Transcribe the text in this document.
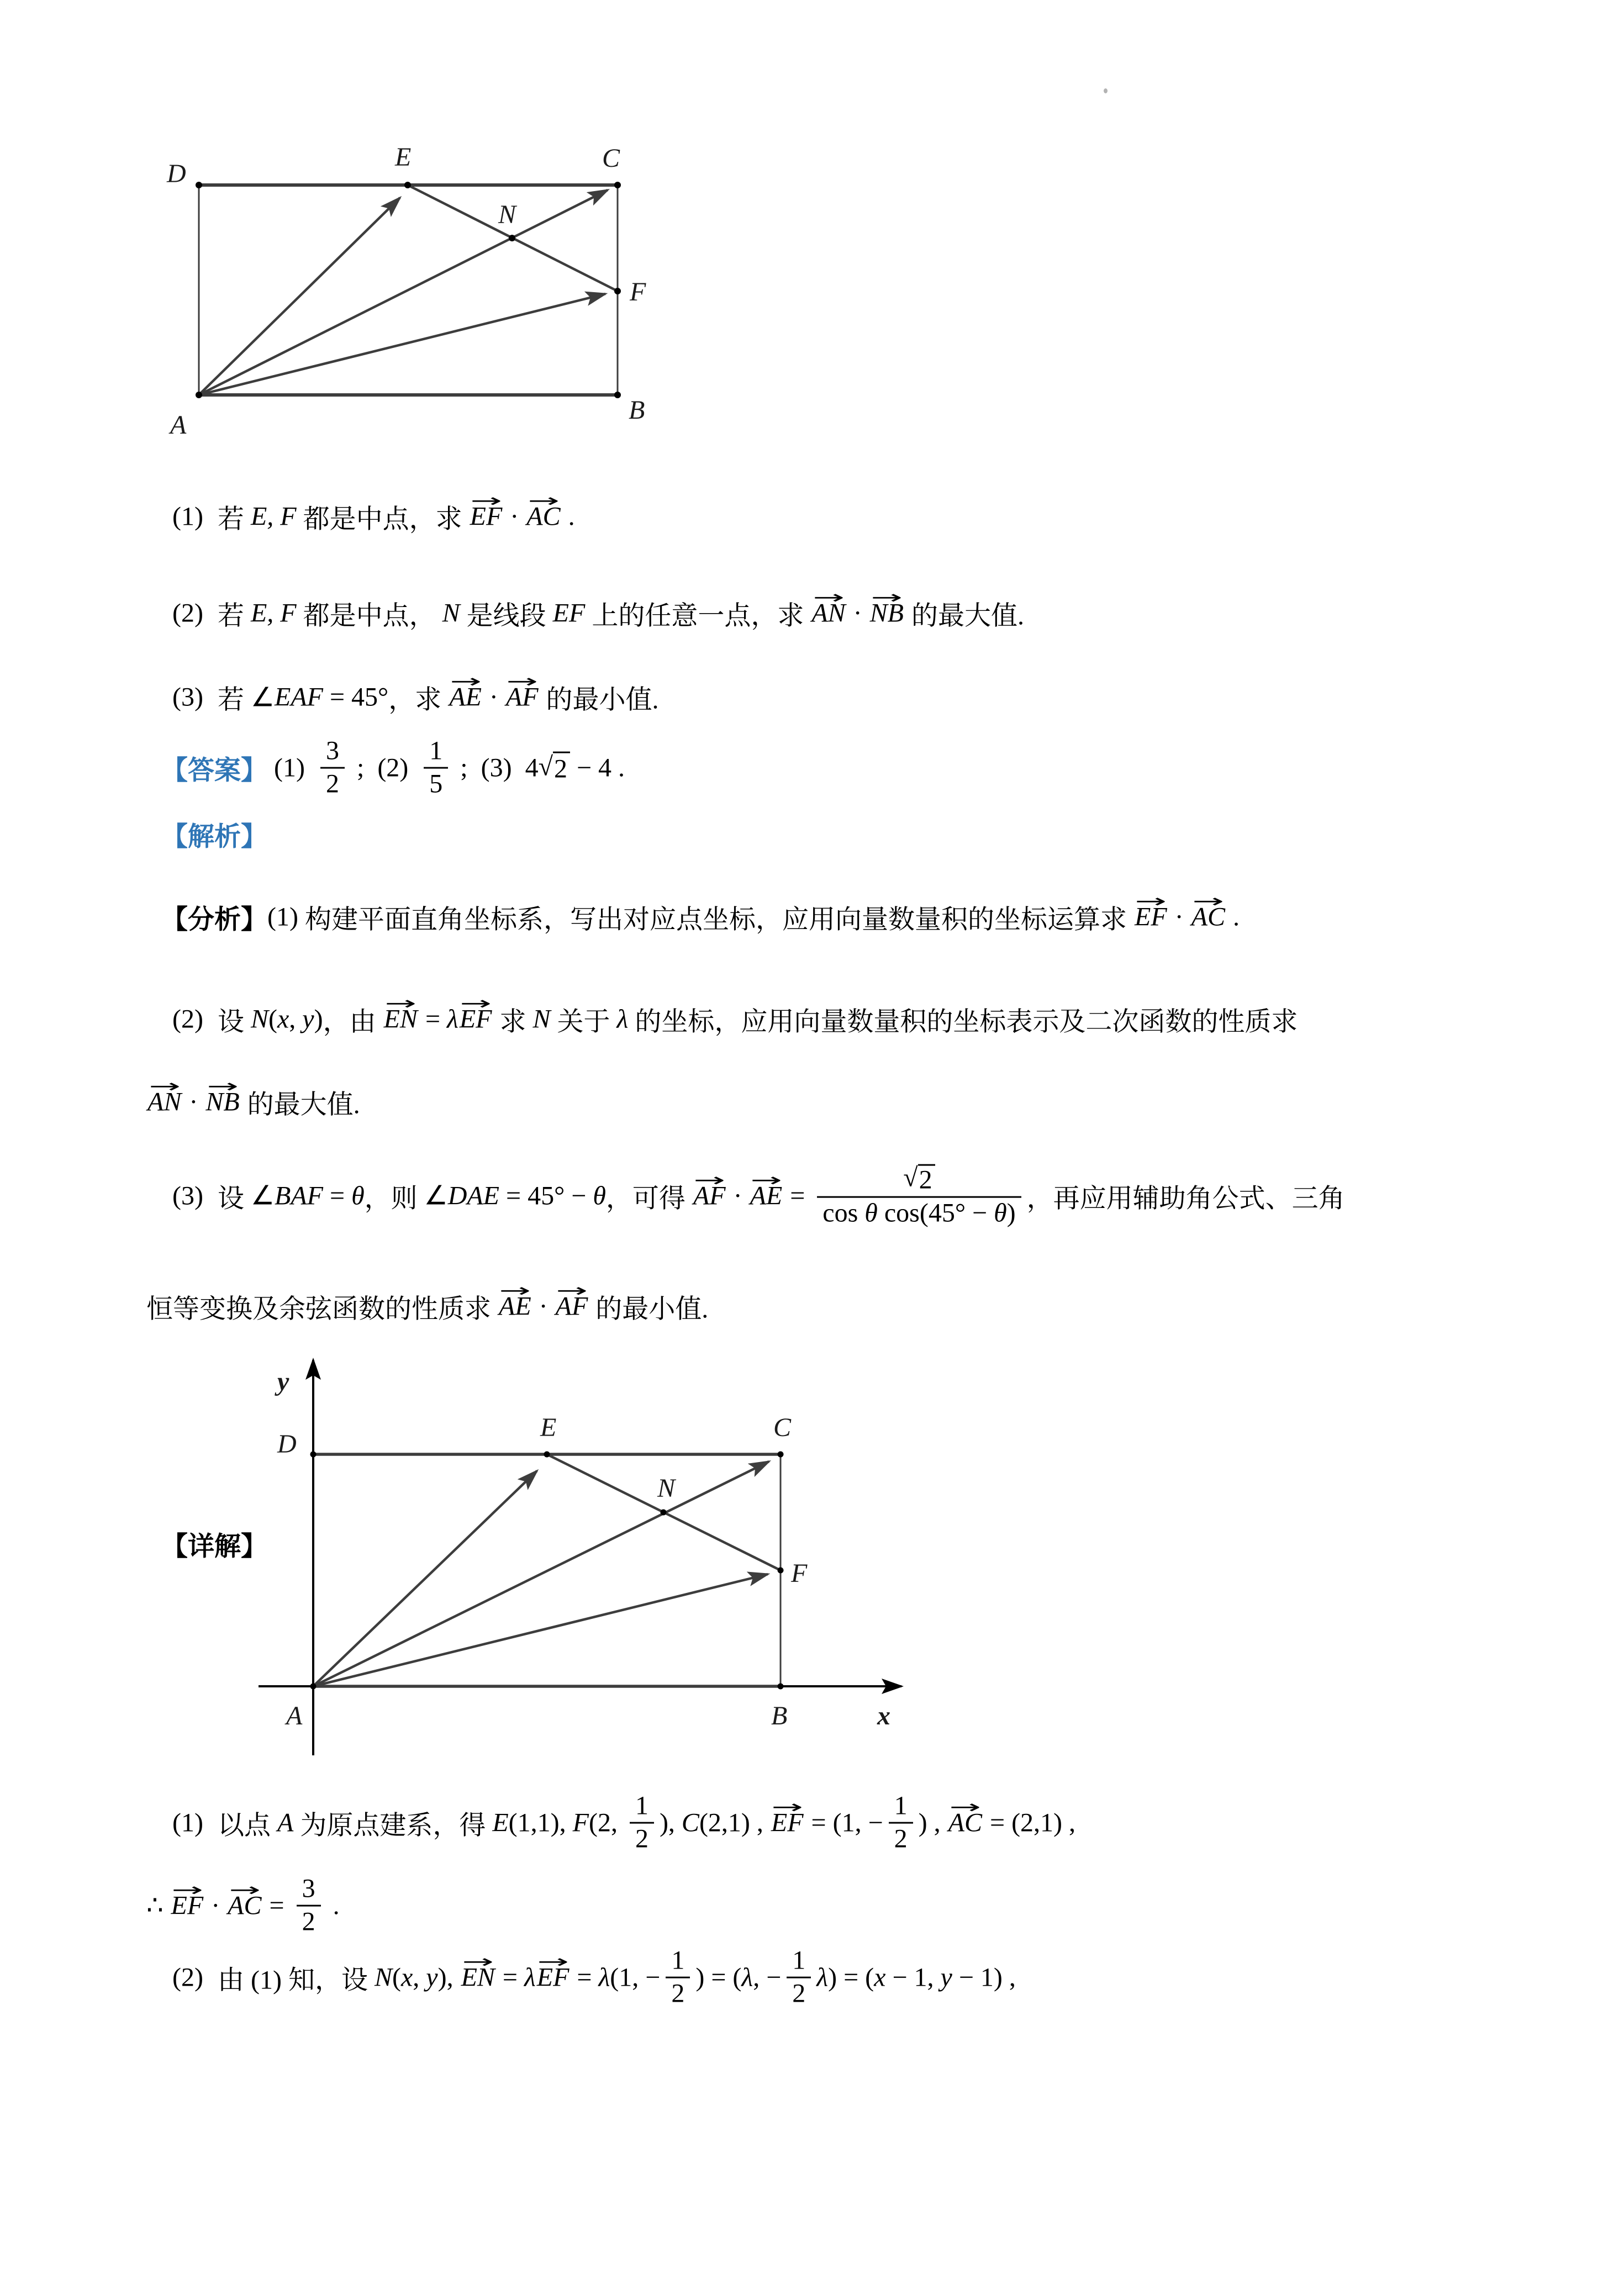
D
E	C
N
F
A
B
(1) 若 E, F 都是中点，求 → EF · → AC .
(2) 若 E, F 都是中点， N 是线段 EF 上的任意一点，求 → AN · → NB 的最大值.
(3) 若 ∠ EAF = 45° ，求 → AE · → AF 的最小值.
【答案】 $(1) \frac{3}{2}$ ;  $(2) \frac{1}{5}$ ;  (3)  4 √ 2 − 4 .
【解析】
【分析】 (1) 构建平面直角坐标系，写出对应点坐标，应用向量数量积的坐标运算求 → EF · → AC .
(2) 设 N ( x , y ) ，由 → EN = λ → EF 求 N 关于 λ 的坐标，应用向量数量积的坐标表示及二次函数的性质求
→ AN · → NB 的最大值.
(3) 设 ∠ BAF = θ ，则 ∠ DAE = 45° − θ ，可得 → AF · → AE = $\frac{√ 2}{\text{cos θ cos(45° − θ)}}$ ，再应用辅助角公式、三角
恒等变换及余弦函数的性质求 → AE · → AF 的最小值.
【详解】
(1) 以点 A 为原点建系，得 E (1,1), F (2, $\frac{1}{2}$ ), C (2,1) , → EF = (1, − $\frac{1}{2}$ ) , → AC = (2,1) ,
∴ → EF · → AC = $\frac{3}{2}$ .
(2) 由 (1) 知，设 N ( x , y ), → EN = λ → EF = λ (1, − $\frac{1}{2}$ ) = ( λ , − $\frac{1}{2}$ λ ) = ( x − 1, y − 1) ,
y
x
D
E	C
N
F
A	B
